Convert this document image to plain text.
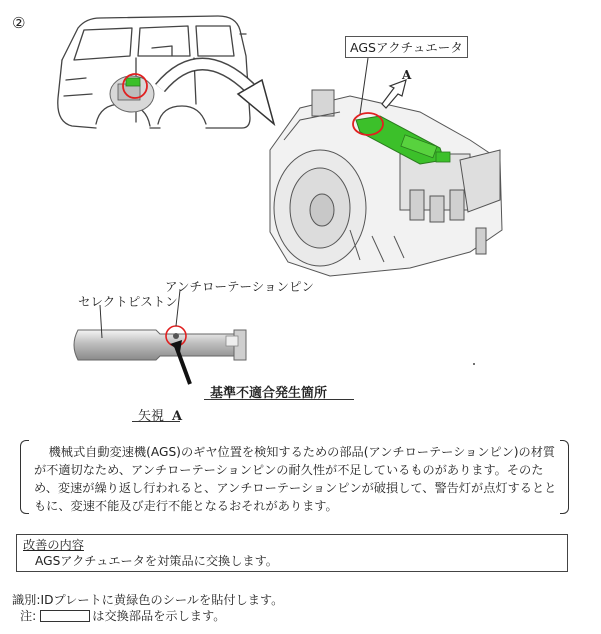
②
AGSアクチュエータ
A
アンチローテーションピン
セレクトピストン
基準不適合発生箇所
矢視 A

機械式自動変速機(AGS)のギヤ位置を検知するための部品(アンチローテーションピン)の材質が不適切なため、アンチローテーションピンの耐久性が不足しているものがあります。そのため、変速が繰り返し行われると、アンチローテーションピンが破損して、警告灯が点灯するとともに、変速不能及び走行不能となるおそれがあります。

改善の内容
AGSアクチュエータを対策品に交換します。
識別:IDプレートに黄緑色のシールを貼付します。
注:	は交換部品を示します。
